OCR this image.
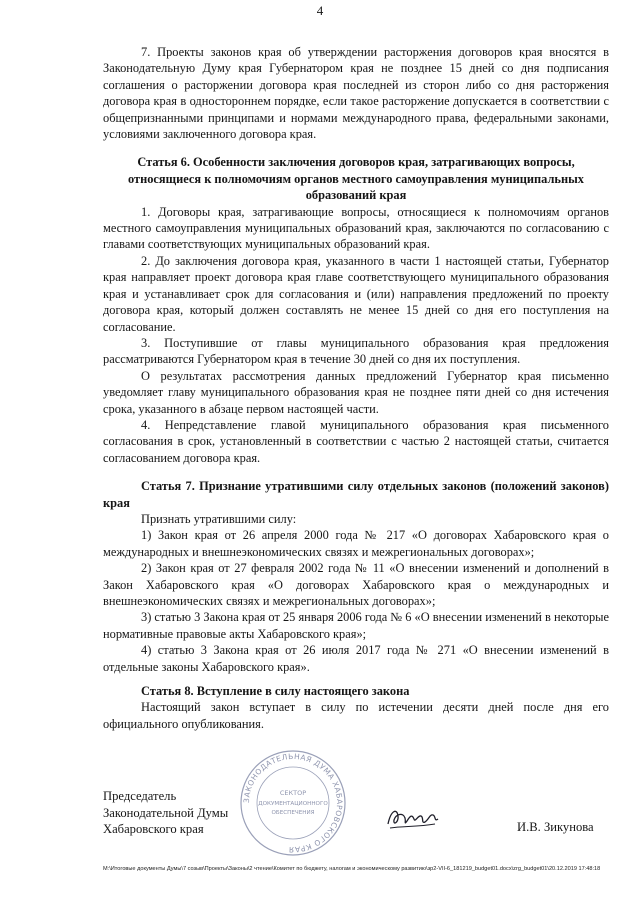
4

7. Проекты законов края об утверждении расторжения договоров края вносятся в Законодательную Думу края Губернатором края не позднее 15 дней со дня подписания соглашения о расторжении договора края последней из сторон либо со дня расторжения договора края в одностороннем порядке, если такое расторжение допускается в соответствии с общепризнанными принципами и нормами международного права, федеральными законами, условиями заключенного договора края.

Статья 6. Особенности заключения договоров края, затрагивающих вопросы, относящиеся к полномочиям органов местного самоуправления муниципальных образований края

1. Договоры края, затрагивающие вопросы, относящиеся к полномочиям органов местного самоуправления муниципальных образований края, заключаются по согласованию с главами соответствующих муниципальных образований края.

2. До заключения договора края, указанного в части 1 настоящей статьи, Губернатор края направляет проект договора края главе соответствующего муниципального образования края и устанавливает срок для согласования и (или) направления предложений по проекту договора края, который должен составлять не менее 15 дней со дня его поступления на согласование.

3. Поступившие от главы муниципального образования края предложения рассматриваются Губернатором края в течение 30 дней со дня их поступления.

О результатах рассмотрения данных предложений Губернатор края письменно уведомляет главу муниципального образования края не позднее пяти дней со дня истечения срока, указанного в абзаце первом настоящей части.

4. Непредставление главой муниципального образования края письменного согласования в срок, установленный в соответствии с частью 2 настоящей статьи, считается согласованием договора края.

Статья 7. Признание утратившими силу отдельных законов (положений законов) края

Признать утратившими силу:

1) Закон края от 26 апреля 2000 года № 217 «О договорах Хабаровского края о международных и внешнеэкономических связях и межрегиональных договорах»;

2) Закон края от 27 февраля 2002 года № 11 «О внесении изменений и дополнений в Закон Хабаровского края «О договорах Хабаровского края о международных и внешнеэкономических связях и межрегиональных договорах»;

3) статью 3 Закона края от 25 января 2006 года № 6 «О внесении изменений в некоторые нормативные правовые акты Хабаровского края»;

4) статью 3 Закона края от 26 июля 2017 года № 271 «О внесении изменений в отдельные законы Хабаровского края».

Статья 8. Вступление в силу настоящего закона

Настоящий закон вступает в силу по истечении десяти дней после дня его официального опубликования.

Председатель
Законодательной Думы
Хабаровского края
ЗАКОНОДАТЕЛЬНАЯ ДУМА ХАБАРОВСКОГО КРАЯ
СЕКТОР
ДОКУМЕНТАЦИОННОГО
ОБЕСПЕЧЕНИЯ
И.В. Зикунова
M:\Итоговые документы Думы\7 созыв\Проекты\Законы\2 чтение\Комитет по бюджету, налогам и экономическому развитию\зр2-VII-6_181219_budget01.docx\zrg_budget01\20.12.2019 17:48:18
